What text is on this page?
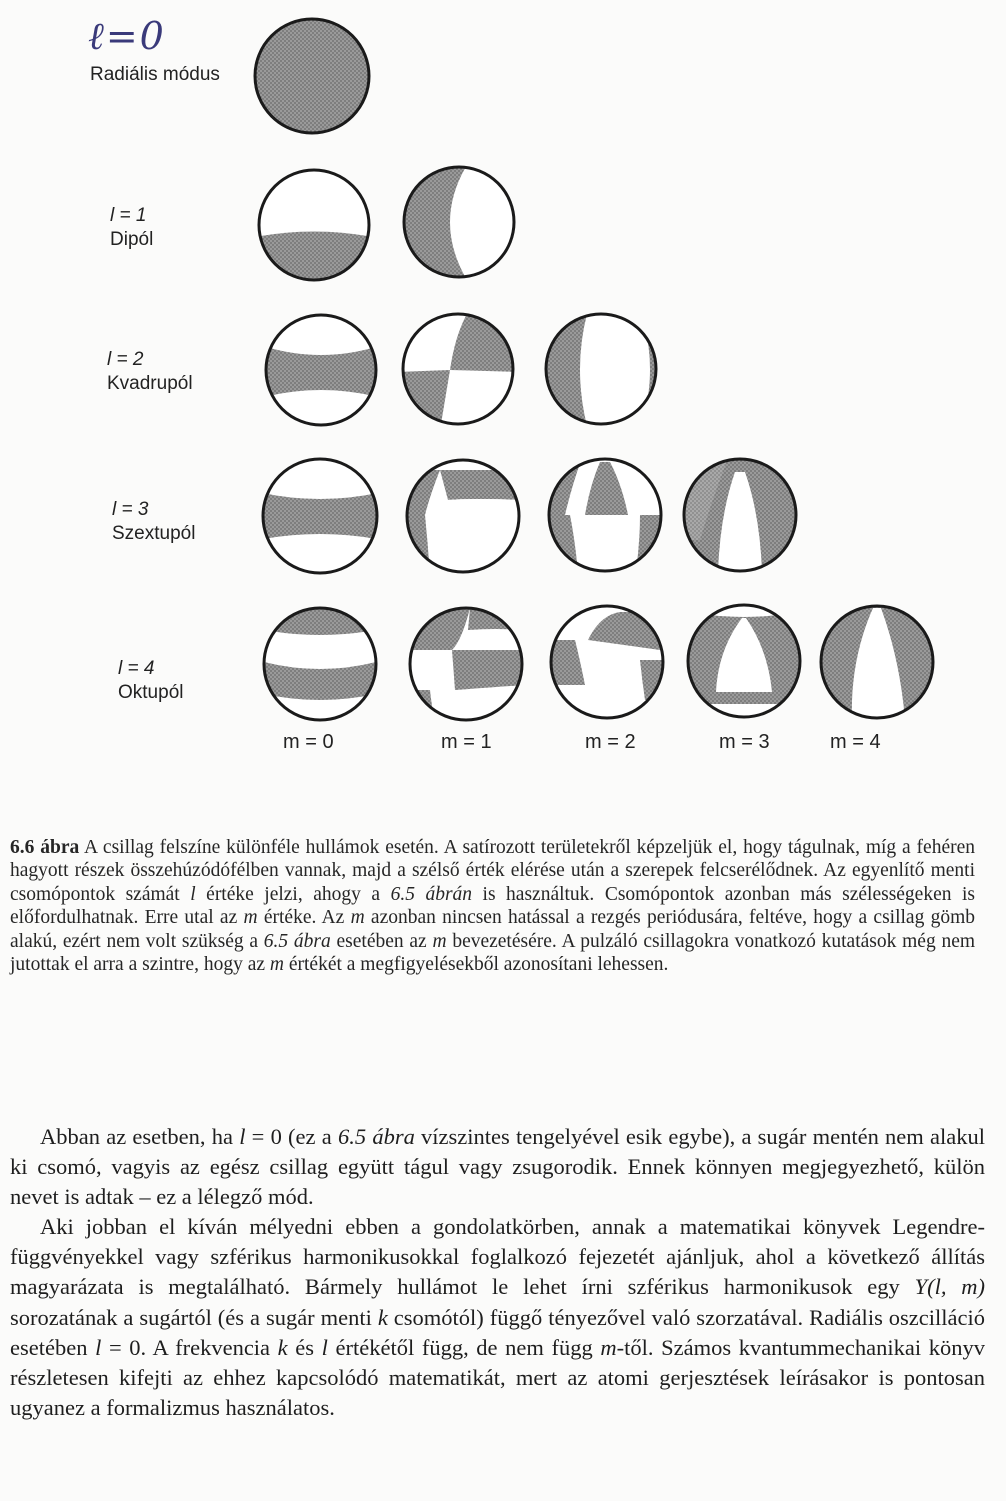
ℓ=0
Radiális módus
l = 1
Dipól
l = 2
Kvadrupól
l = 3
Szextupól
l = 4
Oktupól
m = 0	m = 1	m = 2	m = 3	m = 4
6.6 ábra A csillag felszíne különféle hullámok esetén. A satírozott területekről képzeljük el, hogy tágulnak, míg a fehéren hagyott részek összehúzódófélben vannak, majd a szélső érték elérése után a szerepek felcserélődnek. Az egyenlítő menti csomópontok számát l értéke jelzi, ahogy a 6.5 ábrán is használtuk. Csomópontok azonban más szélességeken is előfordulhatnak. Erre utal az m értéke. Az m azonban nincsen hatással a rezgés periódusára, feltéve, hogy a csillag gömb alakú, ezért nem volt szükség a 6.5 ábra esetében az m bevezetésére. A pulzáló csillagokra vonatkozó kutatások még nem jutottak el arra a szintre, hogy az m értékét a megfigyelésekből azonosítani lehessen.

Abban az esetben, ha l = 0 (ez a 6.5 ábra vízszintes tengelyével esik egybe), a sugár mentén nem alakul ki csomó, vagyis az egész csillag együtt tágul vagy zsugorodik. Ennek könnyen megjegyezhető, külön nevet is adtak – ez a lélegző mód.

Aki jobban el kíván mélyedni ebben a gondolatkörben, annak a matematikai könyvek Legendre-függvényekkel vagy szférikus harmonikusokkal foglalkozó fejezetét ajánljuk, ahol a következő állítás magyarázata is megtalálható. Bármely hullámot le lehet írni szférikus harmonikusok egy Y(l, m) sorozatának a sugártól (és a sugár menti k csomótól) függő tényezővel való szorzatával. Radiális oszcilláció esetében l = 0. A frekvencia k és l értékétől függ, de nem függ m-től. Számos kvantummechanikai könyv részletesen kifejti az ehhez kapcsolódó matematikát, mert az atomi gerjesztések leírásakor is pontosan ugyanez a formalizmus használatos.
